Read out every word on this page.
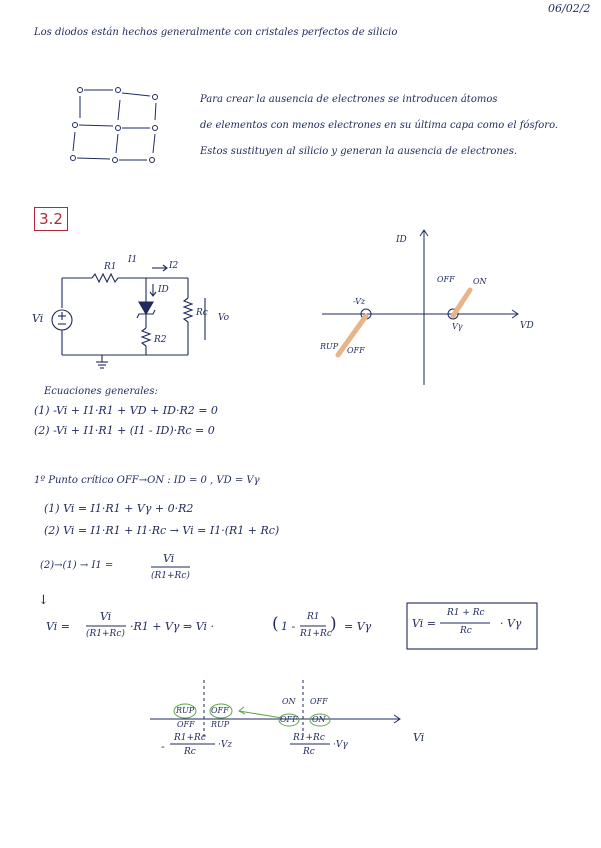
06/02/2
Los diodos están hechos generalmente con cristales perfectos de silicio
Para crear la ausencia de electrones se introducen átomos
de elementos con menos electrones en su última capa como el fósforo.
Estos sustituyen al silicio y generan la ausencia de electrones.
3.2
Vi
R1
I1
I2
ID
Rc
R2
Vo
ID
VD
-Vz
Vγ
OFF ON
RUP OFF
Ecuaciones generales:
(1) -Vi + I1·R1 + VD + ID·R2 = 0
(2) -Vi + I1·R1 + (I1 - ID)·Rc = 0
1º Punto crítico OFF→ON : ID = 0 , VD = Vγ
(1) Vi = I1·R1 + Vγ + 0·R2
(2) Vi = I1·R1 + I1·Rc → Vi = I1·(R1 + Rc)
(2)→(1) → I1 =
Vi
(R1+Rc)
↓
Vi =
Vi
(R1+Rc)
·R1 + Vγ ⇒ Vi ·	( 1 -
R1
R1+Rc
) = Vγ	Vi =
R1 + Rc
Rc
· Vγ
Vi
RUP
OFF
OFF
RUP
ON OFF
OFF ON
-
R1+Rc
Rc
·Vz
R1+Rc
Rc
·Vγ
